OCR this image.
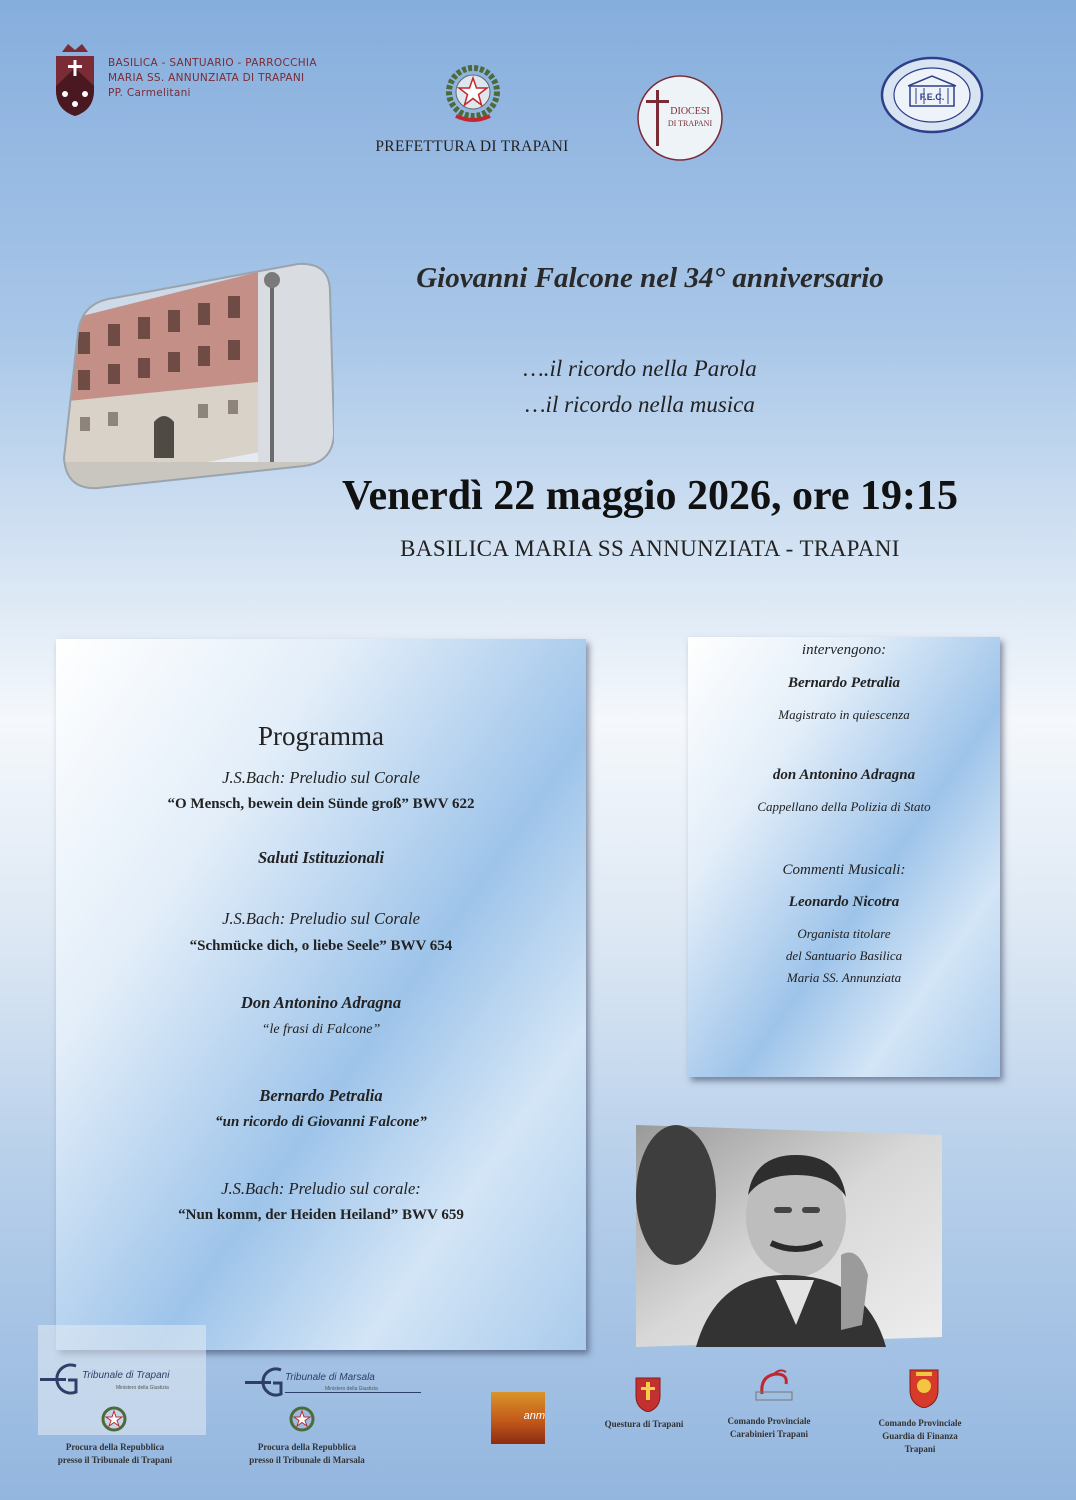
BASILICA - SANTUARIO - PARROCCHIA
MARIA SS. ANNUNZIATA DI TRAPANI
PP. Carmelitani
PREFETTURA DI TRAPANI
DIOCESI
DI TRAPANI
F.E.C.
Giovanni Falcone nel 34° anniversario
….il ricordo nella Parola
…il ricordo nella musica
Venerdì 22 maggio 2026, ore 19:15
BASILICA MARIA SS ANNUNZIATA - TRAPANI
Programma
J.S.Bach: Preludio sul Corale
“O Mensch, bewein dein Sünde groß” BWV 622
Saluti Istituzionali
J.S.Bach: Preludio sul Corale
“Schmücke dich, o liebe Seele” BWV 654
Don Antonino Adragna
“le frasi di Falcone”
Bernardo Petralia
“un ricordo di Giovanni Falcone”
J.S.Bach: Preludio sul corale:
“Nun komm, der Heiden Heiland” BWV 659
intervengono:
Bernardo Petralia
Magistrato in quiescenza
don Antonino Adragna
Cappellano della Polizia di Stato
Commenti Musicali:
Leonardo Nicotra
Organista titolare
del Santuario Basilica
Maria SS. Annunziata
Tribunale di Trapani
Ministero della Giustizia
Procura della Repubblica
presso il Tribunale di Trapani
Tribunale di Marsala
Ministero della Giustizia
Procura della Repubblica
presso il Tribunale di Marsala
anm
Questura di Trapani	Comando Provinciale
Carabinieri Trapani
Comando Provinciale
Guardia di Finanza
Trapani
